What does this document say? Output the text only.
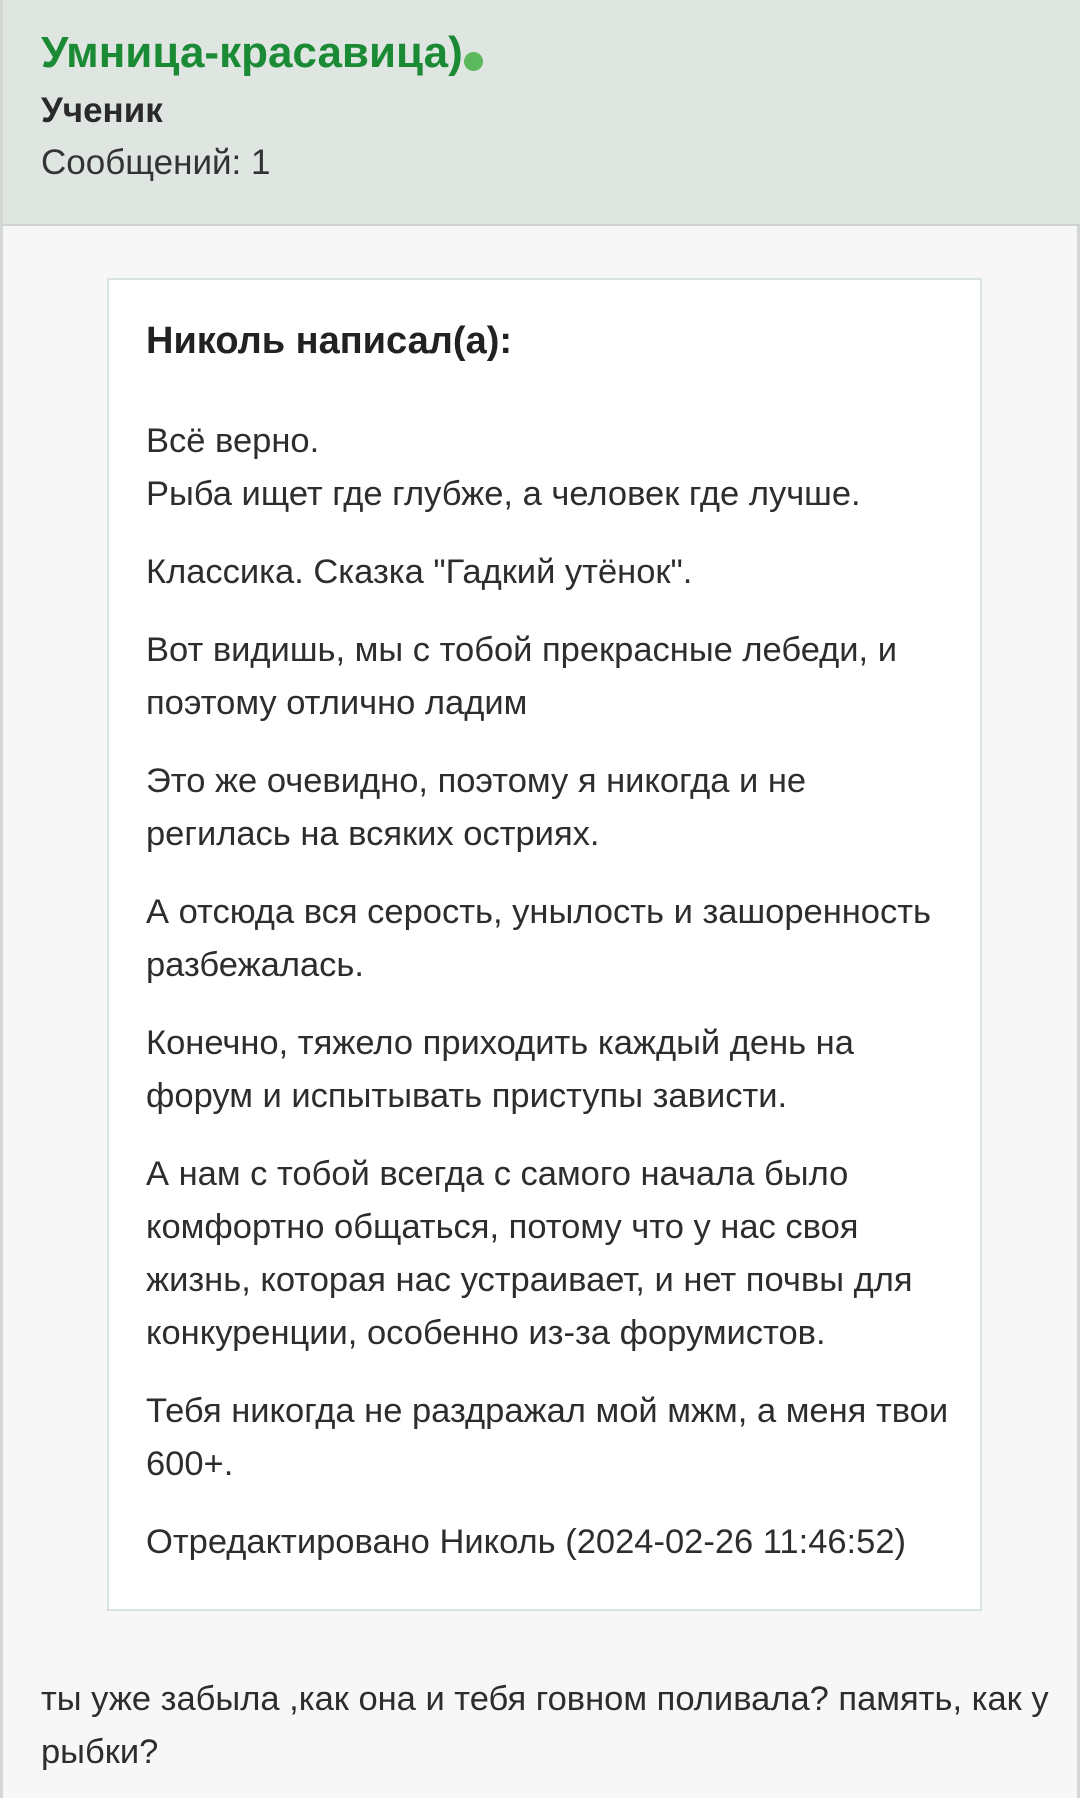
Умница-красавица)
Ученик
Сообщений: 1
Николь написал(а):

Всё верно.
Рыба ищет где глубже, а человек где лучше.

Классика. Сказка "Гадкий утёнок".

Вот видишь, мы с тобой прекрасные лебеди, и поэтому отлично ладим

Это же очевидно, поэтому я никогда и не регилась на всяких остриях.

А отсюда вся серость, унылость и зашоренность разбежалась.

Конечно, тяжело приходить каждый день на форум и испытывать приступы зависти.

А нам с тобой всегда с самого начала было комфортно общаться, потому что у нас своя жизнь, которая нас устраивает, и нет почвы для конкуренции, особенно из-за форумистов.

Тебя никогда не раздражал мой мжм, а меня твои 600+.

Отредактировано Николь (2024-02-26 11:46:52)

ты уже забыла ,как она и тебя говном поливала? память, как у рыбки?
